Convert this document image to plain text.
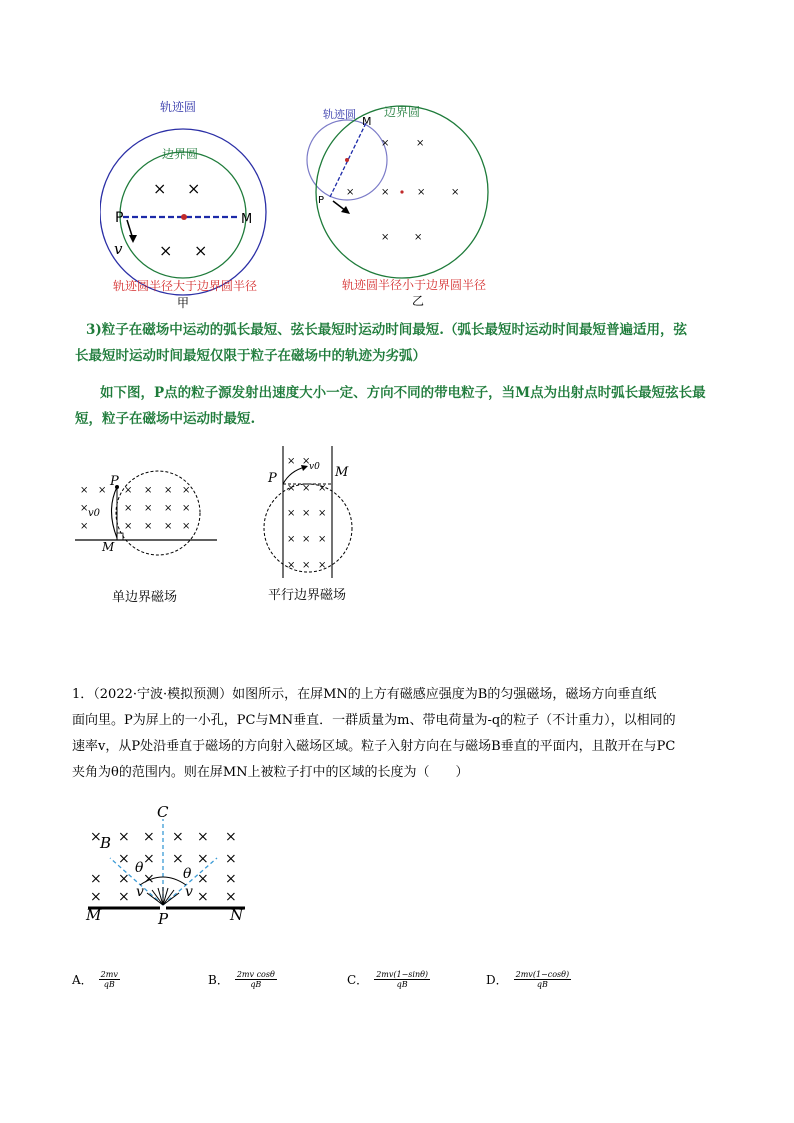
× ×
× ×
轨迹圆
边界圆
P	M
v
轨迹圆半径大于边界圆半径
甲
×	×
×	×	×	×
× ×
轨迹圆 边界圆
M
P
轨迹圆半径小于边界圆半径
乙
3)粒子在磁场中运动的弧长最短、弦长最短时运动时间最短.（弧长最短时运动时间最短普遍适用，弦
长最短时运动时间最短仅限于粒子在磁场中的轨迹为劣弧）
如下图，P点的粒子源发射出速度大小一定、方向不同的带电粒子，当M点为出射点时弧长最短弦长最
短，粒子在磁场中运动时最短.
× × × × × ×
×	× × × ×
×	× × × ×
P
v0
M
单边界磁场
× ×
× × ×
× × ×
× × ×
× × ×
P	M
v0
平行边界磁场
1．（2022·宁波·模拟预测）如图所示，在屏MN的上方有磁感应强度为B的匀强磁场，磁场方向垂直纸
面向里。P为屏上的一小孔，PC与MN垂直．一群质量为m、带电荷量为-q的粒子（不计重力），以相同的
速率v，从P处沿垂直于磁场的方向射入磁场区域。粒子入射方向在与磁场B垂直的平面内，且散开在与PC
夹角为θ的范围内。则在屏MN上被粒子打中的区域的长度为（　　）
× × × × × ×
× × × × ×
× × ×	× ×
× ×	× ×
C
B
θ	θ
v	v
M	P	N
A． $\frac{2mv}{qB}$	B． $\frac{\text{2mv cosθ}}{qB}$	C． $\frac{2mv(1-\sin\theta)}{qB}$	D． $\frac{2mv(1-\cos\theta)}{qB}$
